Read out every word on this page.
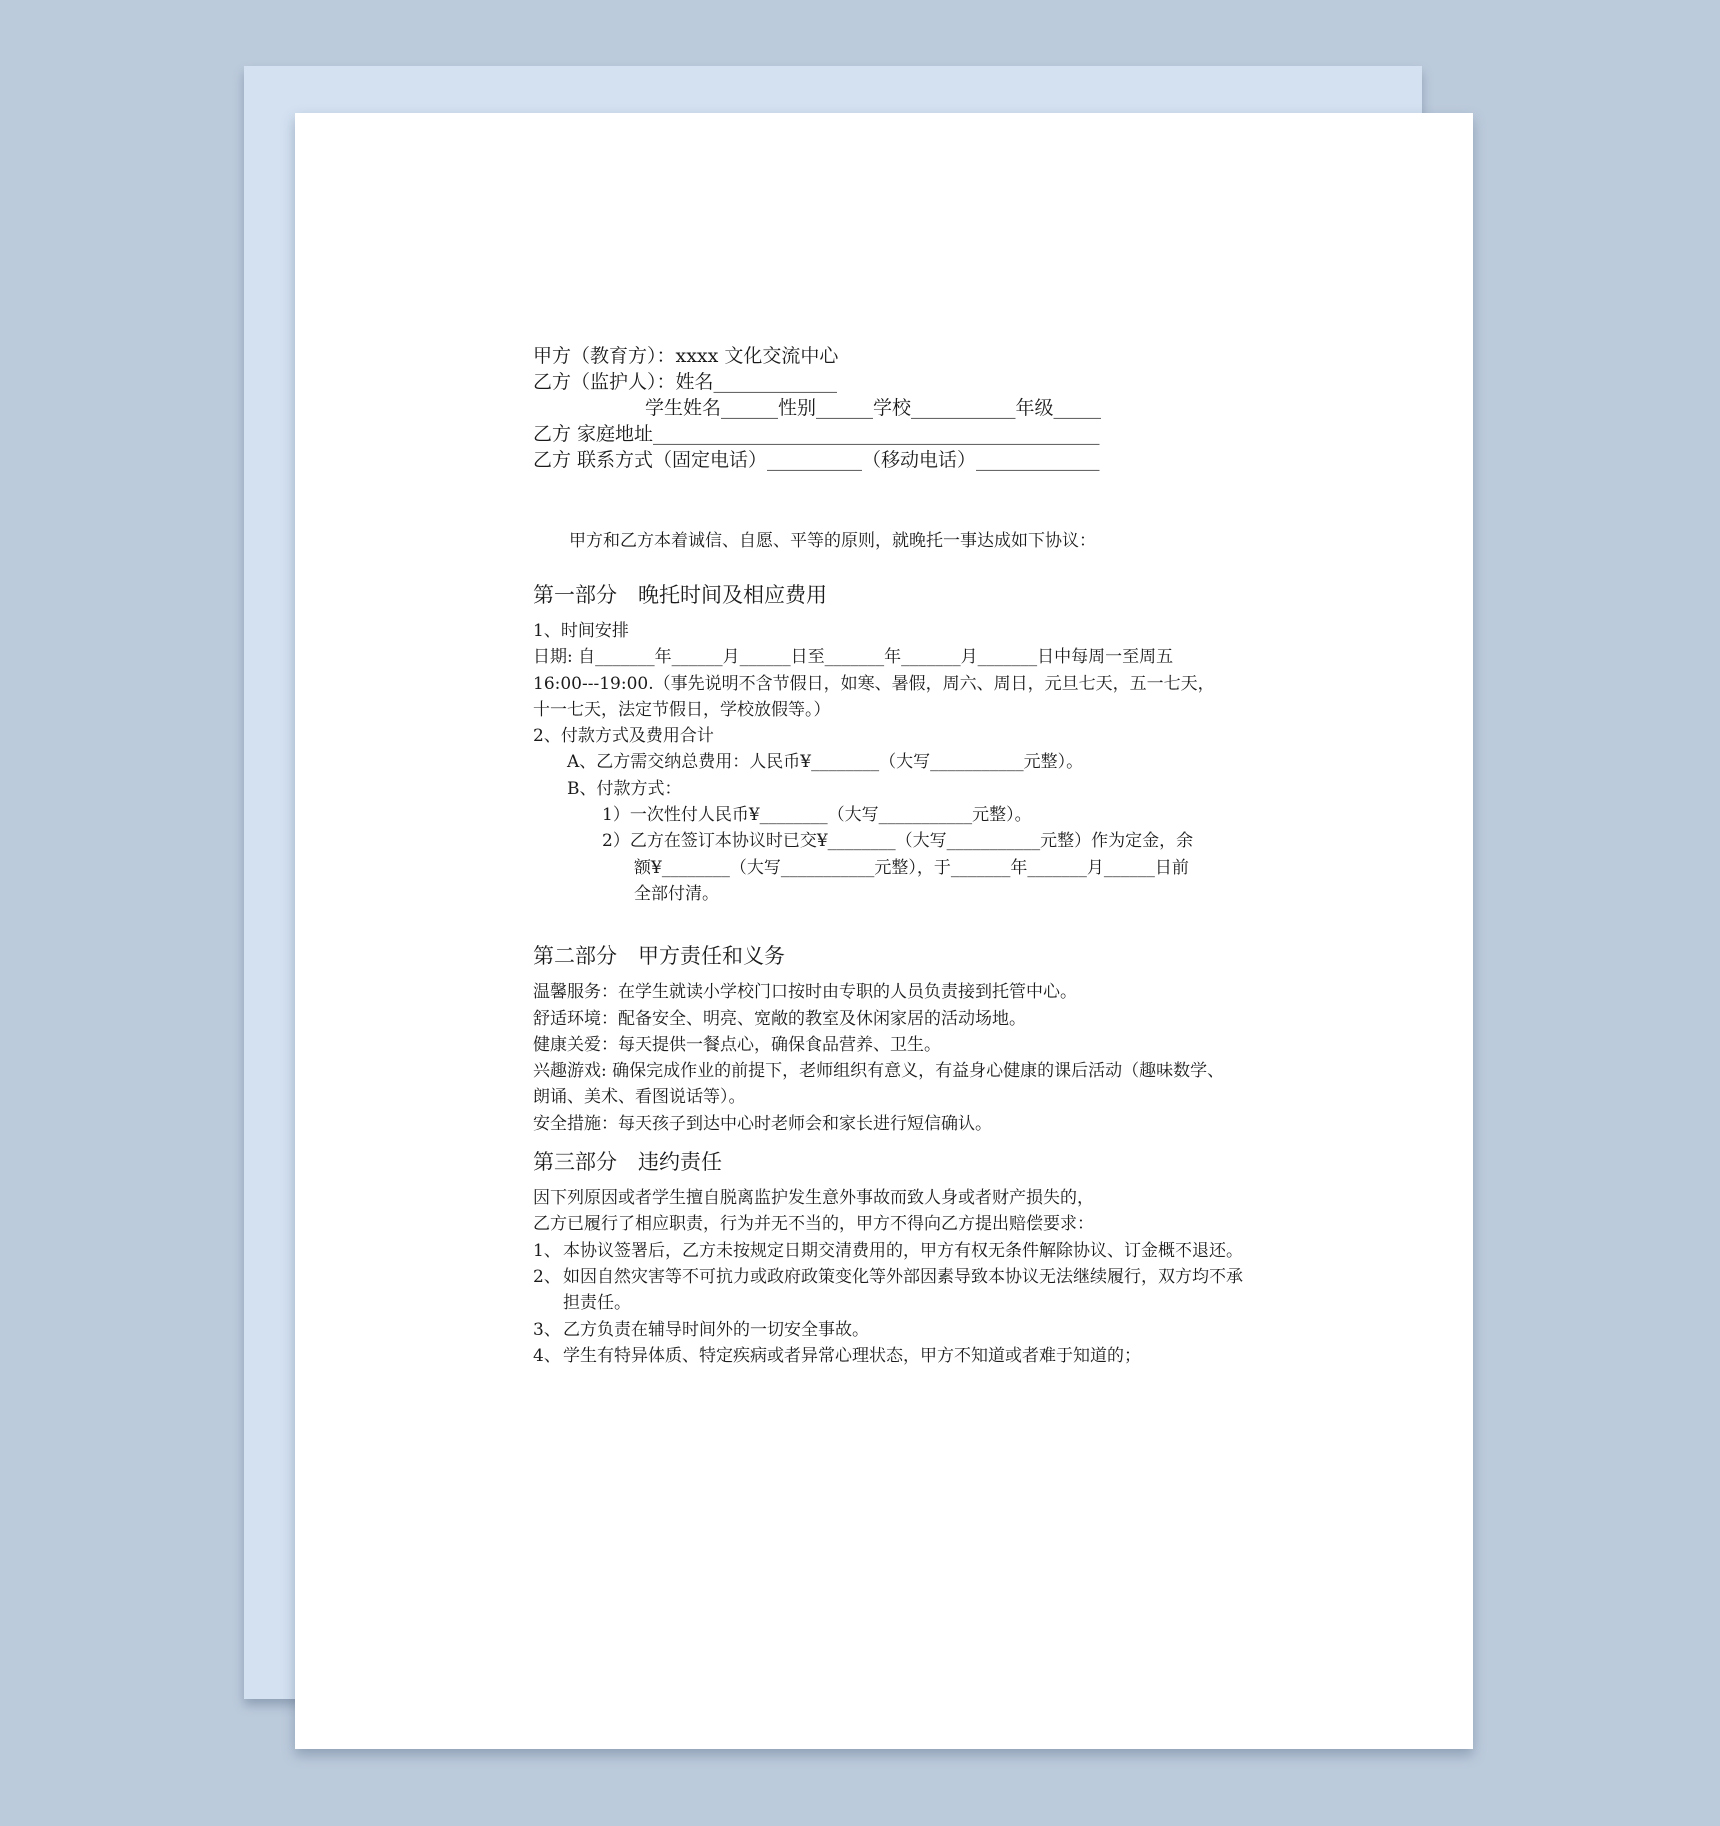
甲方（教育方）：xxxx 文化交流中心
乙方（监护人）：姓名_____________
学生姓名______性别______学校___________年级_____
乙方 家庭地址_______________________________________________
乙方 联系方式（固定电话）__________（移动电话）_____________
甲方和乙方本着诚信、自愿、平等的原则，就晚托一事达成如下协议：
第一部分　晚托时间及相应费用
1、时间安排
日期: 自_______年______月______日至_______年_______月_______日中每周一至周五
16:00---19:00.（事先说明不含节假日，如寒、暑假，周六、周日，元旦七天，五一七天，
十一七天，法定节假日，学校放假等。）
2、付款方式及费用合计
A、乙方需交纳总费用：人民币¥________（大写___________元整）。
B、付款方式：
1）一次性付人民币¥________（大写___________元整）。
2）乙方在签订本协议时已交¥________（大写___________元整）作为定金，余
额¥________（大写___________元整），于_______年_______月______日前
全部付清。
第二部分　甲方责任和义务
温馨服务：在学生就读小学校门口按时由专职的人员负责接到托管中心。
舒适环境：配备安全、明亮、宽敞的教室及休闲家居的活动场地。
健康关爱：每天提供一餐点心，确保食品营养、卫生。
兴趣游戏: 确保完成作业的前提下，老师组织有意义，有益身心健康的课后活动（趣味数学、
朗诵、美术、看图说话等）。
安全措施：每天孩子到达中心时老师会和家长进行短信确认。
第三部分　违约责任
因下列原因或者学生擅自脱离监护发生意外事故而致人身或者财产损失的，
乙方已履行了相应职责，行为并无不当的，甲方不得向乙方提出赔偿要求：
1、 本协议签署后，乙方未按规定日期交清费用的，甲方有权无条件解除协议、订金概不退还。
2、 如因自然灾害等不可抗力或政府政策变化等外部因素导致本协议无法继续履行，双方均不承担责任。
3、 乙方负责在辅导时间外的一切安全事故。
4、 学生有特异体质、特定疾病或者异常心理状态，甲方不知道或者难于知道的；
